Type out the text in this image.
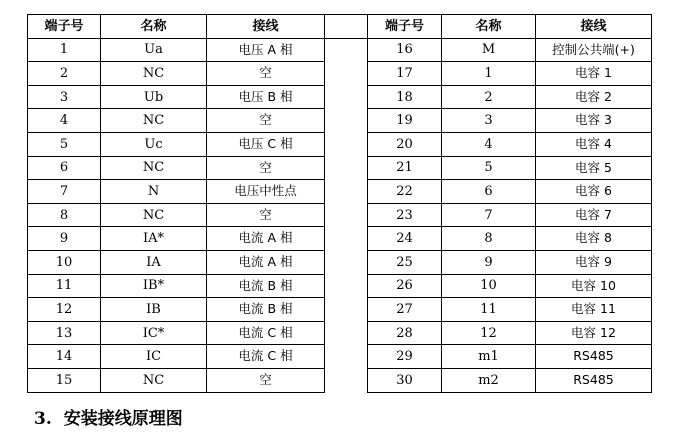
端子号	名称	接线		端子号	名称	接线
1	Ua	电压 A 相		16	M	控制公共端(+)
2	NC	空		17	1	电容 1
3	Ub	电压 B 相		18	2	电容 2
4	NC	空		19	3	电容 3
5	Uc	电压 C 相		20	4	电容 4
6	NC	空		21	5	电容 5
7	N	电压中性点		22	6	电容 6
8	NC	空		23	7	电容 7
9	IA*	电流 A 相		24	8	电容 8
10	IA	电流 A 相		25	9	电容 9
11	IB*	电流 B 相		26	10	电容 10
12	IB	电流 B 相		27	11	电容 11
13	IC*	电流 C 相		28	12	电容 12
14	IC	电流 C 相		29	m1	RS485
15	NC	空		30	m2	RS485
3. 安装接线原理图
